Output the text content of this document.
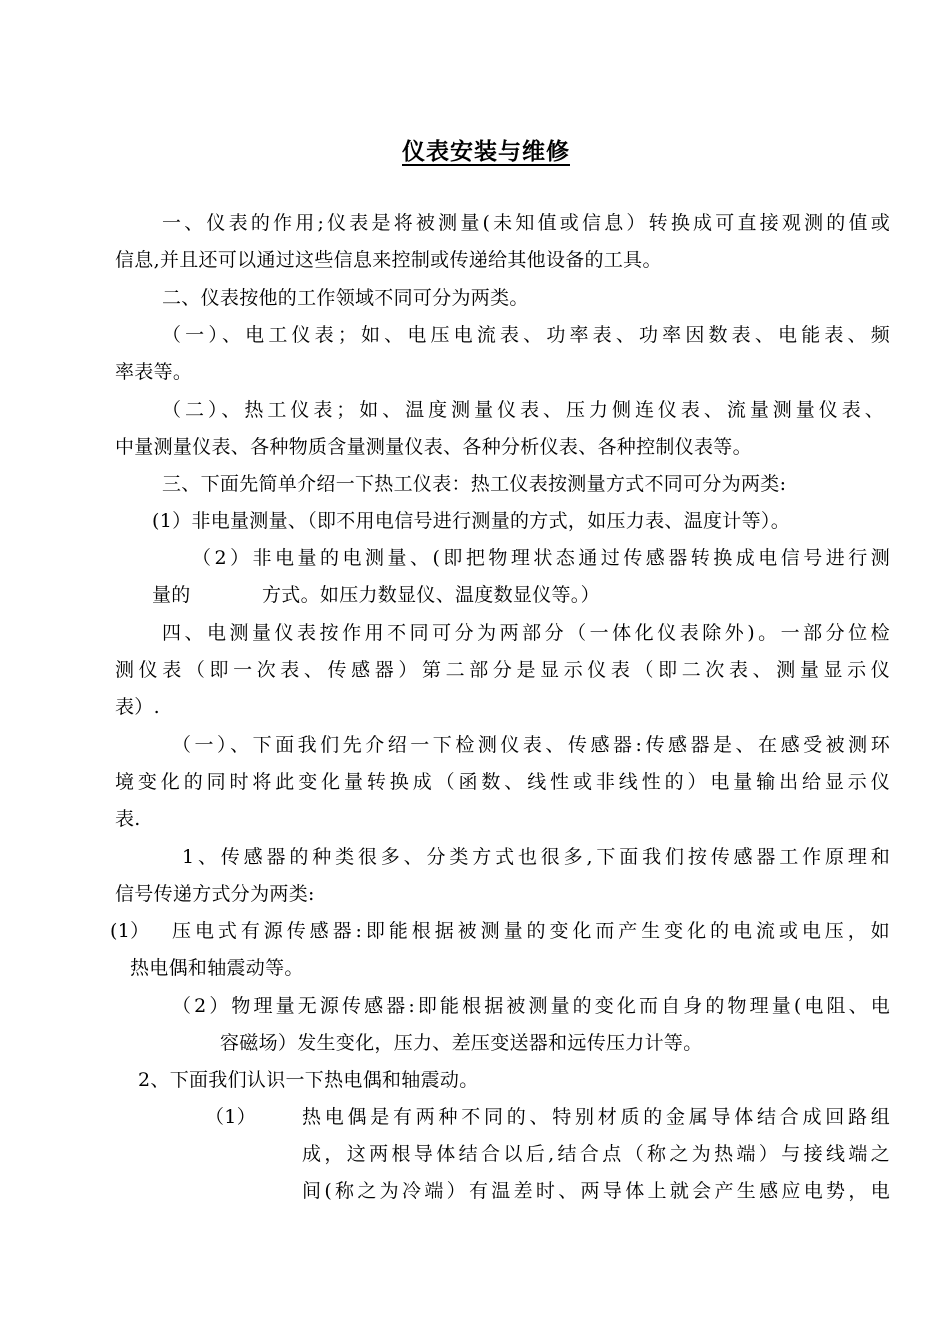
仪表安装与维修
一、仪表的作用;仪表是将被测量(未知值或信息）转换成可直接观测的值或
信息,并且还可以通过这些信息来控制或传递给其他设备的工具。
二、仪表按他的工作领域不同可分为两类。
（一）、电工仪表；如、电压电流表、功率表、功率因数表、电能表、频
率表等。
（二）、热工仪表；如、温度测量仪表、压力侧连仪表、流量测量仪表、
中量测量仪表、各种物质含量测量仪表、各种分析仪表、各种控制仪表等。
三、下面先简单介绍一下热工仪表：热工仪表按测量方式不同可分为两类:
(1）非电量测量、（即不用电信号进行测量的方式，如压力表、温度计等）。
（2）非电量的电测量、(即把物理状态通过传感器转换成电信号进行测
量的	方式。如压力数显仪、温度数显仪等。）
四、电测量仪表按作用不同可分为两部分（一体化仪表除外)。一部分位检
测仪表（即一次表、传感器）第二部分是显示仪表（即二次表、测量显示仪
表）.
（一）、下面我们先介绍一下检测仪表、传感器:传感器是、在感受被测环
境变化的同时将此变化量转换成（函数、线性或非线性的）电量输出给显示仪
表.
1、传感器的种类很多、分类方式也很多,下面我们按传感器工作原理和
信号传递方式分为两类:
(1） 压电式有源传感器:即能根据被测量的变化而产生变化的电流或电压，如
热电偶和轴震动等。
（2）物理量无源传感器:即能根据被测量的变化而自身的物理量(电阻、电
容磁场）发生变化，压力、差压变送器和远传压力计等。
2、下面我们认识一下热电偶和轴震动。
（1） 热电偶是有两种不同的、特别材质的金属导体结合成回路组
成，这两根导体结合以后,结合点（称之为热端）与接线端之
间(称之为冷端）有温差时、两导体上就会产生感应电势，电
